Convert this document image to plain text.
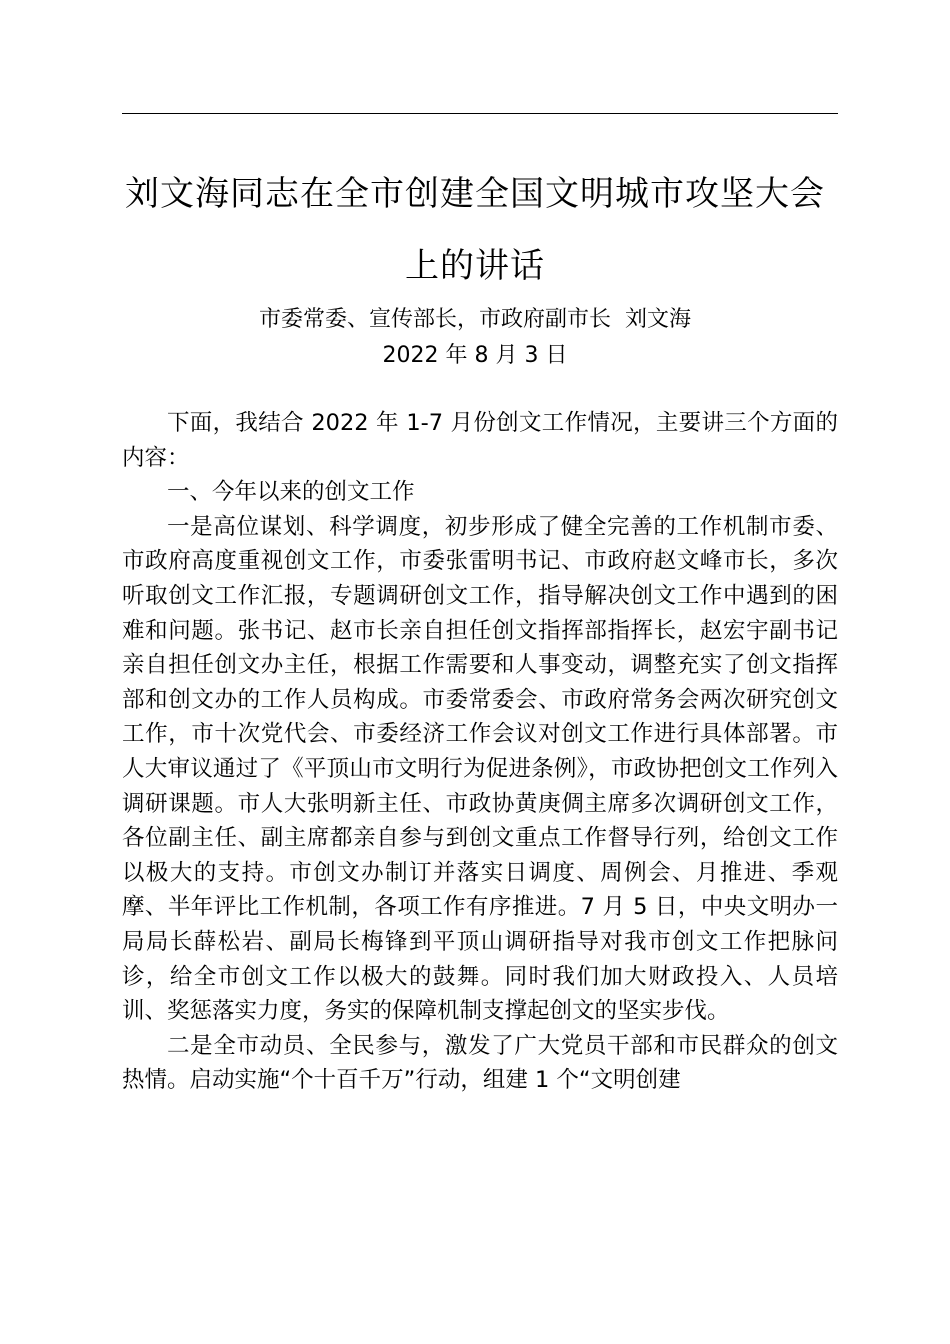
刘文海同志在全市创建全国文明城市攻坚大会
上的讲话
市委常委、宣传部长，市政府副市长  刘文海
2022 年 8 月 3 日

下面，我结合 2022 年 1-7 月份创文工作情况，主要讲三个方面的内容：

一、今年以来的创文工作

一是高位谋划、科学调度，初步形成了健全完善的工作机制市委、市政府高度重视创文工作，市委张雷明书记、市政府赵文峰市长，多次听取创文工作汇报，专题调研创文工作，指导解决创文工作中遇到的困难和问题。张书记、赵市长亲自担任创文指挥部指挥长，赵宏宇副书记亲自担任创文办主任，根据工作需要和人事变动，调整充实了创文指挥部和创文办的工作人员构成。市委常委会、市政府常务会两次研究创文工作，市十次党代会、市委经济工作会议对创文工作进行具体部署。市人大审议通过了《平顶山市文明行为促进条例》，市政协把创文工作列入调研课题。市人大张明新主任、市政协黄庚倜主席多次调研创文工作，各位副主任、副主席都亲自参与到创文重点工作督导行列，给创文工作以极大的支持。市创文办制订并落实日调度、周例会、月推进、季观摩、半年评比工作机制，各项工作有序推进。7 月 5 日，中央文明办一局局长薛松岩、副局长梅锋到平顶山调研指导对我市创文工作把脉问诊，给全市创文工作以极大的鼓舞。同时我们加大财政投入、人员培训、奖惩落实力度，务实的保障机制支撑起创文的坚实步伐。

二是全市动员、全民参与，激发了广大党员干部和市民群众的创文热情。启动实施“个十百千万”行动，组建 1 个“文明创建
